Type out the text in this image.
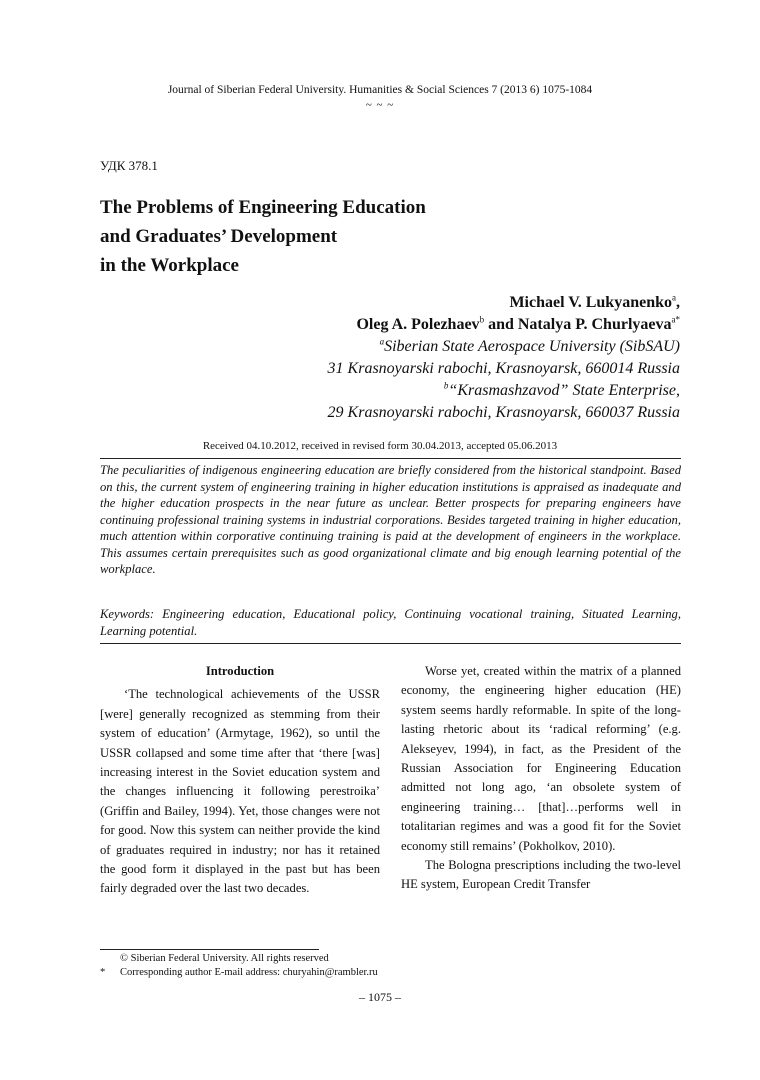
Journal of Siberian Federal University. Humanities & Social Sciences 7 (2013 6) 1075-1084
~ ~ ~
УДК 378.1
The Problems of Engineering Education
and Graduates’ Development
in the Workplace
Michael V. Lukyanenko$^a$,
Oleg A. Polezhaev$^b$ and Natalya P. Churlyaeva$^{a*}$
$^a$Siberian State Aerospace University (SibSAU)
31 Krasnoyarski rabochi, Krasnoyarsk, 660014 Russia
$^b$“Krasmashzavod” State Enterprise,
29 Krasnoyarski rabochi, Krasnoyarsk, 660037 Russia
Received 04.10.2012, received in revised form 30.04.2013, accepted 05.06.2013
The peculiarities of indigenous engineering education are briefly considered from the historical standpoint. Based on this, the current system of engineering training in higher education institutions is appraised as inadequate and the higher education prospects in the near future as unclear. Better prospects for preparing engineers have continuing professional training systems in industrial corporations. Besides targeted training in higher education, much attention within corporative continuing training is paid at the development of engineers in the workplace. This assumes certain prerequisites such as good organizational climate and big enough learning potential of the workplace.
Keywords: Engineering education, Educational policy, Continuing vocational training, Situated Learning, Learning potential.
Introduction

‘The technological achievements of the USSR [were] generally recognized as stemming from their system of education’ (Armytage, 1962), so until the USSR collapsed and some time after that ‘there [was] increasing interest in the Soviet education system and the changes influencing it following perestroika’ (Griffin and Bailey, 1994). Yet, those changes were not for good. Now this system can neither provide the kind of graduates required in industry; nor has it retained the good form it displayed in the past but has been fairly degraded over the last two decades.

Worse yet, created within the matrix of a planned economy, the engineering higher education (HE) system seems hardly reformable. In spite of the long-lasting rhetoric about its ‘radical reforming’ (e.g. Alekseyev, 1994), in fact, as the President of the Russian Association for Engineering Education admitted not long ago, ‘an obsolete system of engineering training… [that]…performs well in totalitarian regimes and was a good fit for the Soviet economy still remains’ (Pokholkov, 2010).

The Bologna prescriptions including the two-level HE system, European Credit Transfer

© Siberian Federal University. All rights reserved
* Corresponding author E-mail address: churyahin@rambler.ru
– 1075 –
